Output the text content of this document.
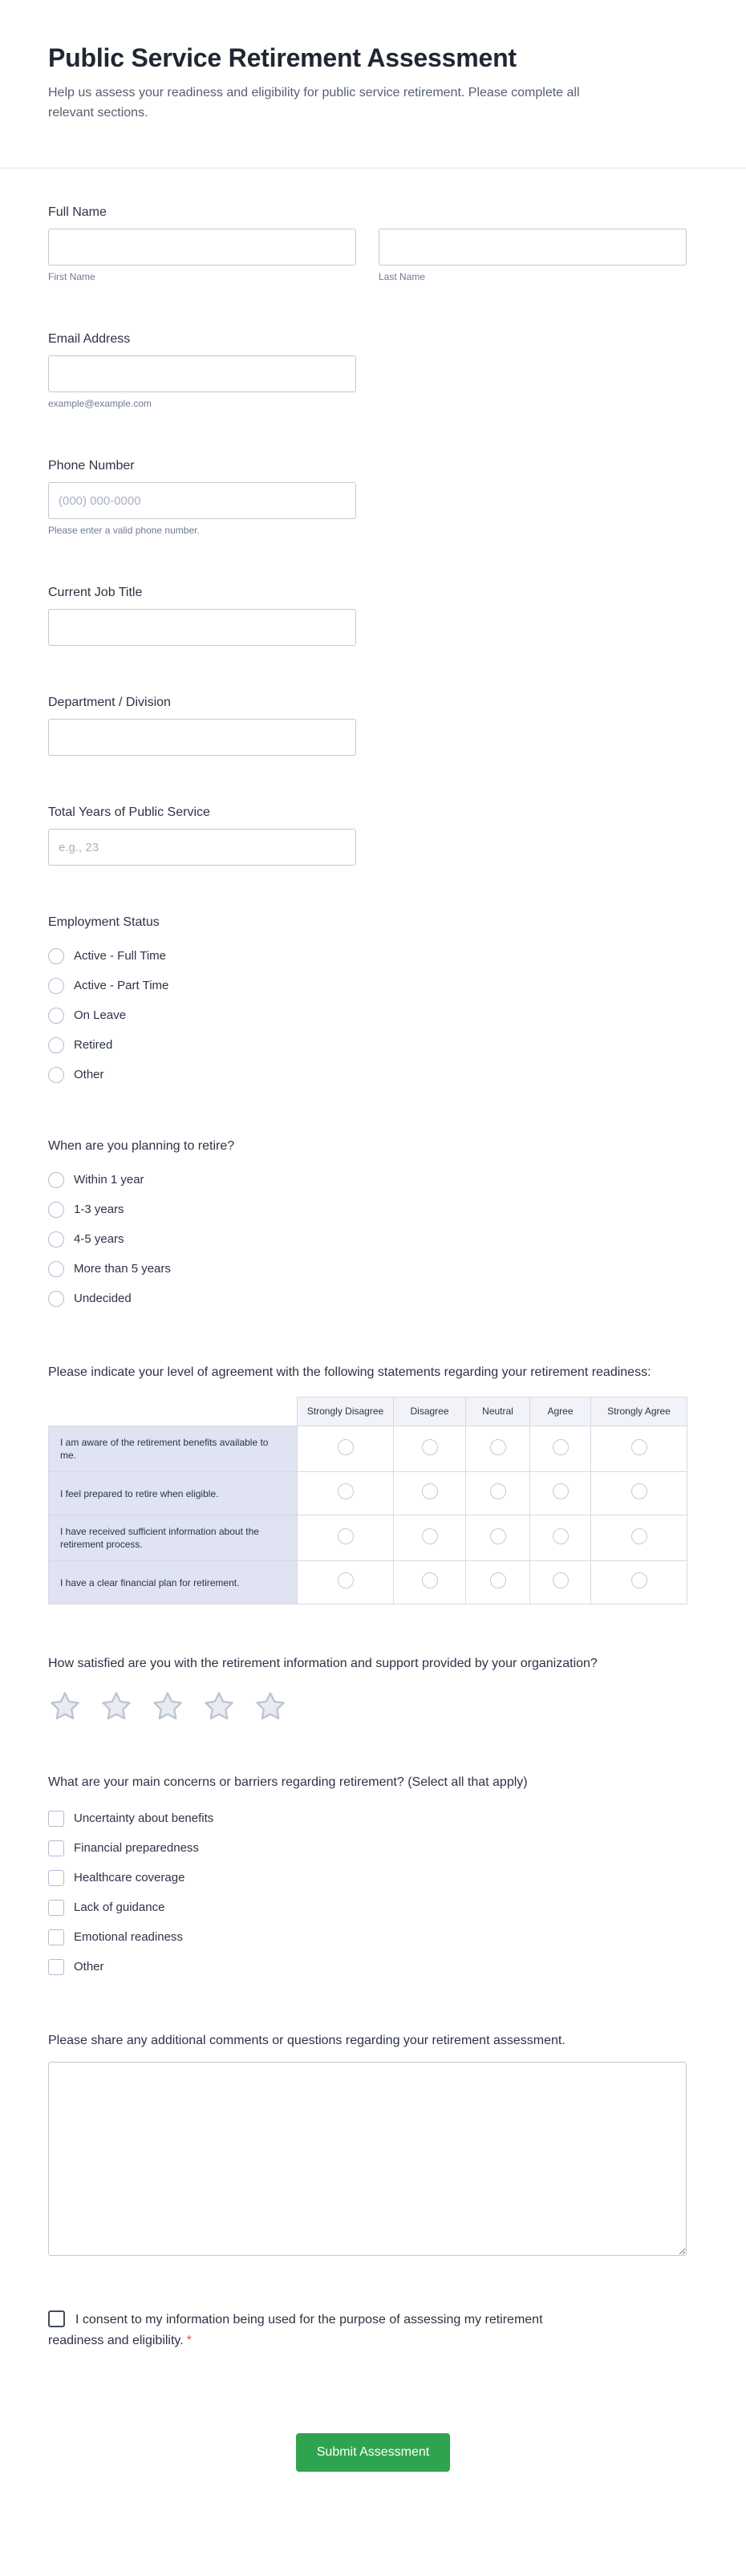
Public Service Retirement Assessment

Help us assess your readiness and eligibility for public service retirement. Please complete all relevant sections.

Full Name
First Name	Last Name
Email Address
example@example.com
Phone Number
(000) 000-0000
Please enter a valid phone number.
Current Job Title
Department / Division
Total Years of Public Service
e.g., 23
Employment Status
Active - Full Time
Active - Part Time
On Leave
Retired
Other
When are you planning to retire?
Within 1 year
1-3 years
4-5 years
More than 5 years
Undecided
Please indicate your level of agreement with the following statements regarding your retirement readiness:
	Strongly Disagree	Disagree	Neutral	Agree	Strongly Agree
I am aware of the retirement benefits available to me.					
I feel prepared to retire when eligible.					
I have received sufficient information about the retirement process.					
I have a clear financial plan for retirement.					
How satisfied are you with the retirement information and support provided by your organization?
What are your main concerns or barriers regarding retirement? (Select all that apply)
Uncertainty about benefits
Financial preparedness
Healthcare coverage
Lack of guidance
Emotional readiness
Other
Please share any additional comments or questions regarding your retirement assessment.
I consent to my information being used for the purpose of assessing my retirement readiness and eligibility. *
Submit Assessment
